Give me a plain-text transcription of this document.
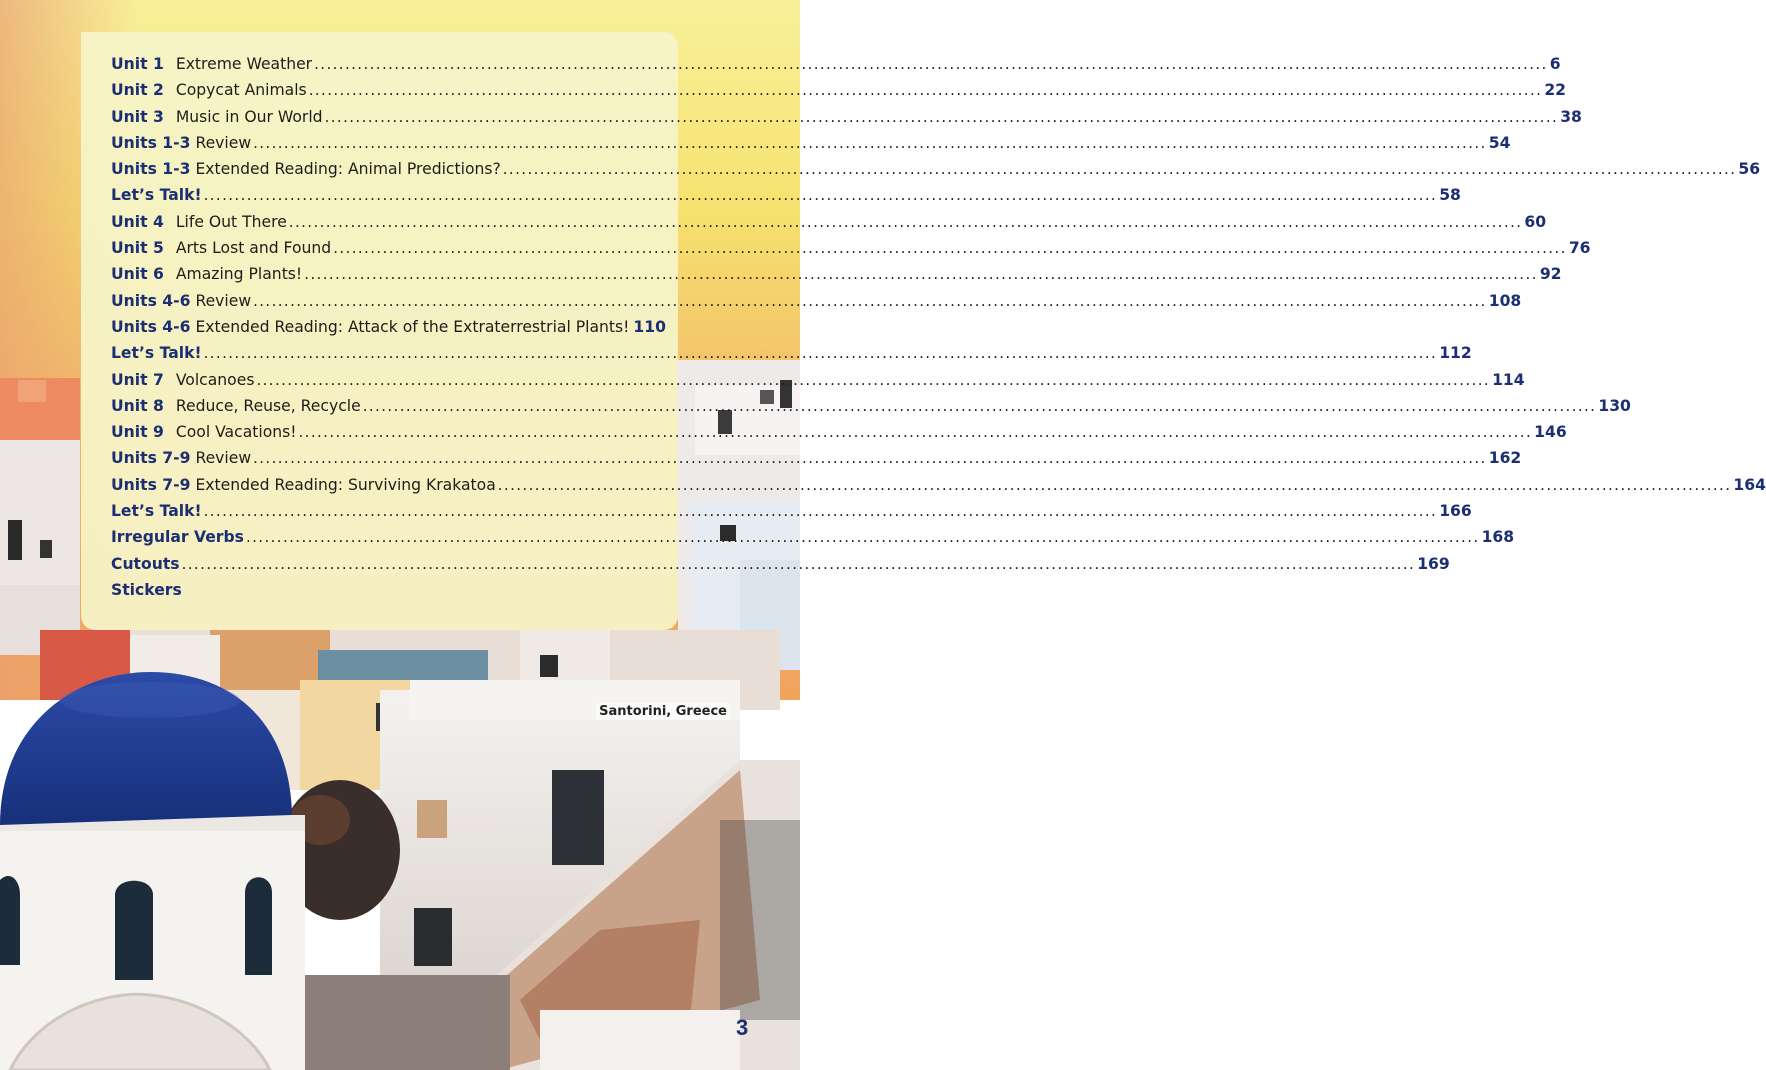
Unit 1 Extreme Weather ........................................................................................................................................................................................................ 6
Unit 2 Copycat Animals ........................................................................................................................................................................................................ 22
Unit 3 Music in Our World ........................................................................................................................................................................................................ 38
Units 1-3 Review ........................................................................................................................................................................................................ 54
Units 1-3 Extended Reading: Animal Predictions? ........................................................................................................................................................................................................ 56
Let’s Talk! ........................................................................................................................................................................................................ 58
Unit 4 Life Out There ........................................................................................................................................................................................................ 60
Unit 5 Arts Lost and Found ........................................................................................................................................................................................................ 76
Unit 6 Amazing Plants! ........................................................................................................................................................................................................ 92
Units 4-6 Review ........................................................................................................................................................................................................ 108
Units 4-6 Extended Reading: Attack of the Extraterrestrial Plants! 110
Let’s Talk! ........................................................................................................................................................................................................ 112
Unit 7 Volcanoes ........................................................................................................................................................................................................ 114
Unit 8 Reduce, Reuse, Recycle ........................................................................................................................................................................................................ 130
Unit 9 Cool Vacations! ........................................................................................................................................................................................................ 146
Units 7-9 Review ........................................................................................................................................................................................................ 162
Units 7-9 Extended Reading: Surviving Krakatoa ........................................................................................................................................................................................................ 164
Let’s Talk! ........................................................................................................................................................................................................ 166
Irregular Verbs ........................................................................................................................................................................................................ 168
Cutouts ........................................................................................................................................................................................................ 169
Stickers
Santorini, Greece
3
